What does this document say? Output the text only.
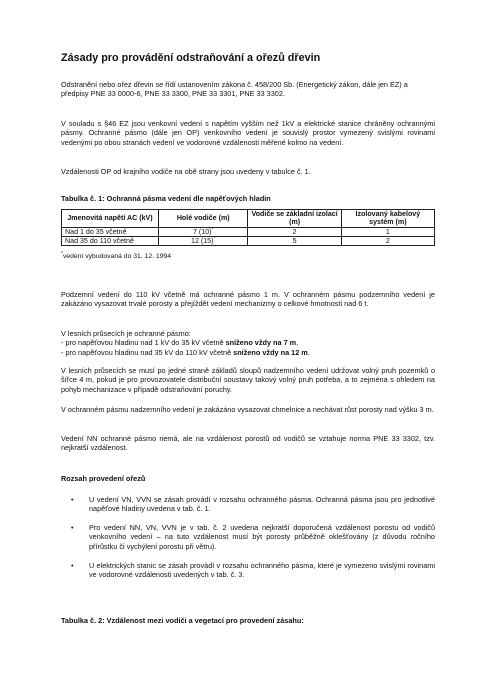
Zásady pro provádění odstraňování a ořezů dřevin

Odstranění nebo ořez dřevin se řídí ustanovením zákona č. 458/200 Sb. (Energetický zákon, dále jen EZ) a předpisy PNE 33 0000-6, PNE 33 3300, PNE 33 3301, PNE 33 3302.

V souladu s §46 EZ jsou venkovní vedení s napětím vyšším než 1kV a elektrické stanice chráněny ochrannými pásmy. Ochranné pásmo (dále jen OP) venkovního vedení je souvislý prostor vymezený svislými rovinami vedenými po obou stranách vedení ve vodorovné vzdálenosti měřené kolmo na vedení.

Vzdálenosti OP od krajního vodiče na obě strany jsou uvedeny v tabulce č. 1.

Tabulka č. 1: Ochranná pásma vedení dle napěťových hladin
Jmenovitá napětí AC (kV)	Holé vodiče (m)	Vodiče se základní izolací (m)	Izolovaný kabelový systém (m)
Nad 1 do 35 včetně	7 (10)*	2	1
Nad 35 do 110 včetně	12 (15)*	5	2
*vedení vybudovaná do 31. 12. 1994

Podzemní vedení do 110 kV včetně má ochranné pásmo 1 m. V ochranném pásmu podzemního vedení je zakázáno vysazovat trvalé porosty a přejíždět vedení mechanizmy o celkové hmotnosti nad 6 t.

V lesních průsecích je ochranné pásmo:

- pro napěťovou hladinu nad 1 kV do 35 kV včetně sníženo vždy na 7 m,

- pro napěťovou hladinu nad 35 kV do 110 kV včetně sníženo vždy na 12 m.

V lesních průsecích se musí po jedné straně základů sloupů nadzemního vedení udržovat volný pruh pozemků o šířce 4 m, pokud je pro provozovatele distribuční soustavy takový volný pruh potřeba, a to zejména s ohledem na pohyb mechanizace v případě odstraňování poruchy.

V ochranném pásmu nadzemního vedení je zakázáno vysazovat chmelnice a nechávat růst porosty nad výšku 3 m.

Vedení NN ochranné pásmo nemá, ale na vzdálenost porostů od vodičů se vztahuje norma PNE 33 3302, tzv. nejkratší vzdálenost.

Rozsah provedení ořezů
• U vedení VN, VVN se zásah provádí v rozsahu ochranného pásma. Ochranná pásma jsou pro jednotlivé napěťové hladiny uvedena v tab. č. 1.

• Pro vedení NN, VN, VVN je v tab. č. 2 uvedena nejkratší doporučená vzdálenost porostu od vodičů venkovního vedení – na tuto vzdálenost musí být porosty průběžně oklešťovány (z důvodu ročního přírůstku či vychýlení porostu při větru).

• U elektrických stanic se zásah provádí v rozsahu ochranného pásma, které je vymezeno svislými rovinami ve vodorovné vzdálenosti uvedených v tab. č. 3.

Tabulka č. 2: Vzdálenost mezi vodiči a vegetací pro provedení zásahu:
